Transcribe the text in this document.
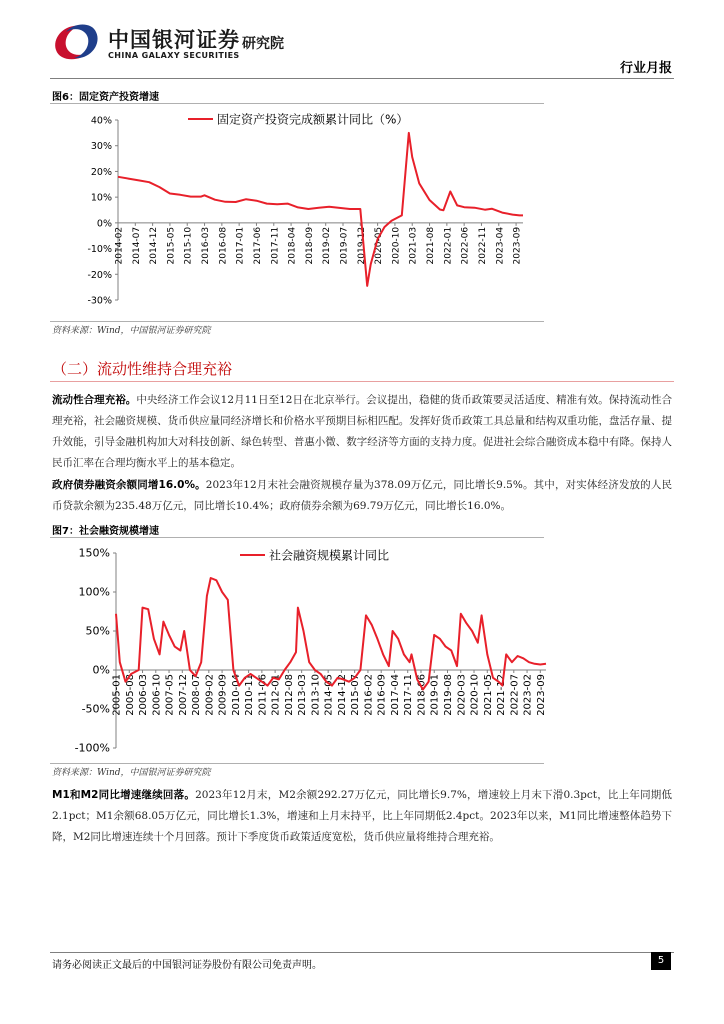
中国银河证券
CHINA GALAXY SECURITIES
研究院
行业月报
图6：固定资产投资增速
40%
30%
20%
10%
0%
-10%
-20%
-30%
2014-02 2014-07 2014-12 2015-05 2015-10 2016-03 2016-08 2017-01 2017-06 2017-11 2018-04 2018-09 2019-02 2019-07 2019-12 2020-05 2020-10 2021-03 2021-08 2022-01 2022-06 2022-11 2023-04 2023-09
固定资产投资完成额累计同比（%）
资料来源：Wind，中国银河证券研究院
（二）流动性维持合理充裕
流动性合理充裕。中央经济工作会议12月11日至12日在北京举行。会议提出，稳健的货币政策要灵活适度、精准有效。保持流动性合理充裕，社会融资规模、货币供应量同经济增长和价格水平预期目标相匹配。发挥好货币政策工具总量和结构双重功能，盘活存量、提升效能，引导金融机构加大对科技创新、绿色转型、普惠小微、数字经济等方面的支持力度。促进社会综合融资成本稳中有降。保持人民币汇率在合理均衡水平上的基本稳定。
政府债券融资余额同增16.0%。2023年12月末社会融资规模存量为378.09万亿元，同比增长9.5%。其中，对实体经济发放的人民币贷款余额为235.48万亿元，同比增长10.4%；政府债券余额为69.79万亿元，同比增长16.0%。
图7：社会融资规模增速
150%
100%
50%
0%
-50%
-100%
2005-01 2005-08 2006-03 2006-10 2007-05 2007-12 2008-07 2009-02 2009-09 2010-04 2010-11 2011-06 2012-01 2012-08 2013-03 2013-10 2014-05 2014-12 2015-07 2016-02 2016-09 2017-04 2017-11 2018-06 2019-01 2019-08 2020-03 2020-10 2021-05 2021-12 2022-07 2023-02 2023-09
社会融资规模累计同比
资料来源：Wind，中国银河证券研究院
M1和M2同比增速继续回落。2023年12月末，M2余额292.27万亿元，同比增长9.7%，增速较上月末下滑0.3pct，比上年同期低2.1pct；M1余额68.05万亿元，同比增长1.3%，增速和上月末持平，比上年同期低2.4pct。2023年以来，M1同比增速整体趋势下降，M2同比增速连续十个月回落。预计下季度货币政策适度宽松，货币供应量将维持合理充裕。
请务必阅读正文最后的中国银河证券股份有限公司免责声明。	5
